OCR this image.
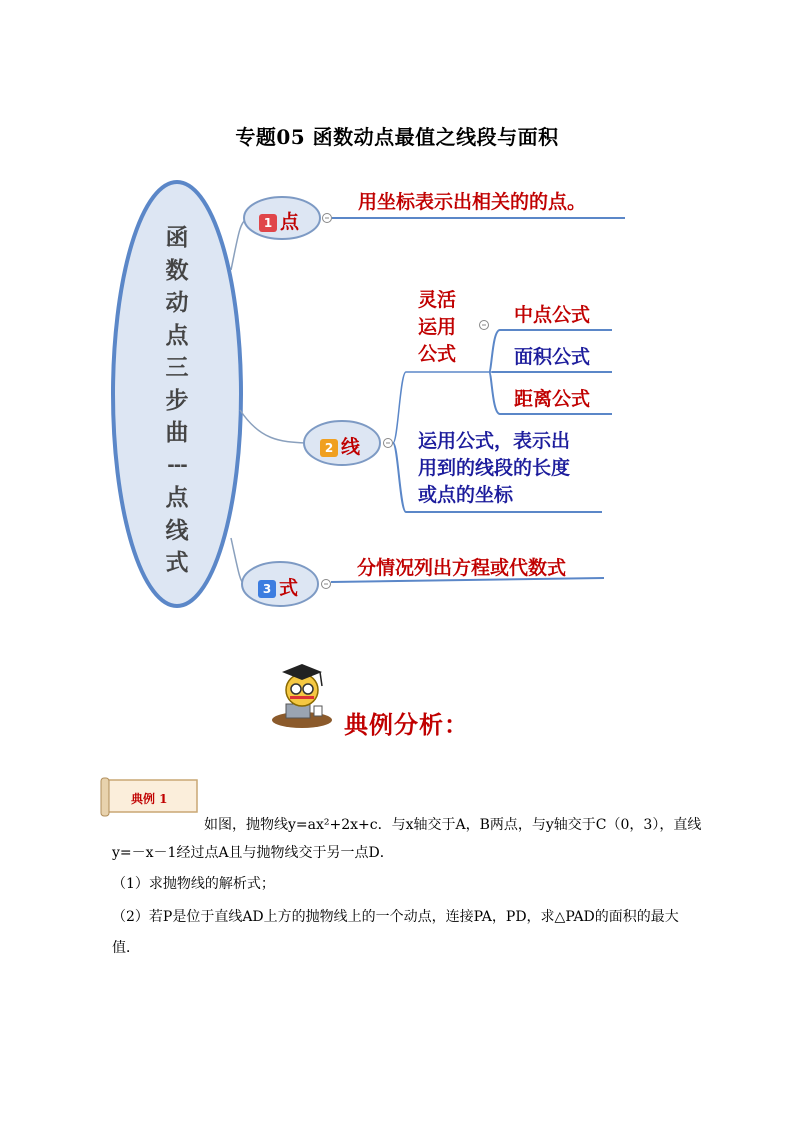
专题05 函数动点最值之线段与面积
函
数
动
点
三
步
曲
---
点
线
式
1 点
2 线
3 式
用坐标表示出相关的的点。
灵活
运用
公式
中点公式
面积公式
距离公式
运用公式，表示出
用到的线段的长度
或点的坐标
分情况列出方程或代数式
典例分析：
典例 1
如图，抛物线y=ax²+2x+c．与x轴交于A，B两点，与y轴交于C（0，3），直线
y=－x－1经过点A且与抛物线交于另一点D．
（1）求抛物线的解析式；
（2）若P是位于直线AD上方的抛物线上的一个动点，连接PA，PD，求△PAD的面积的最大
值．
